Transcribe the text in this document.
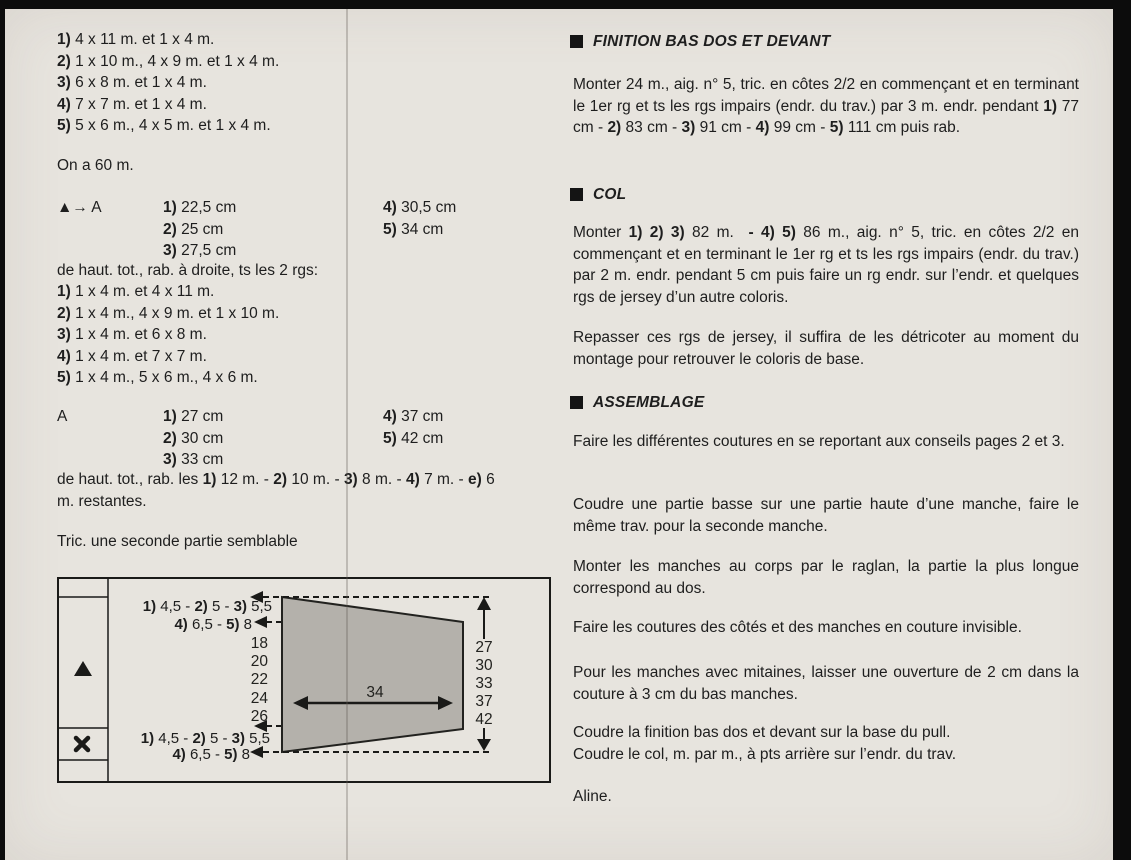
1) 4 x 11 m. et 1 x 4 m.
2) 1 x 10 m., 4 x 9 m. et 1 x 4 m.
3) 6 x 8 m. et 1 x 4 m.
4) 7 x 7 m. et 1 x 4 m.
5) 5 x 6 m., 4 x 5 m. et 1 x 4 m.
On a 60 m.
▲→ A	1) 22,5 cm
2) 25 cm
3) 27,5 cm
4) 30,5 cm
5) 34 cm
de haut. tot., rab. à droite, ts les 2 rgs:
1) 1 x 4 m. et 4 x 11 m.
2) 1 x 4 m., 4 x 9 m. et 1 x 10 m.
3) 1 x 4 m. et 6 x 8 m.
4) 1 x 4 m. et 7 x 7 m.
5) 1 x 4 m., 5 x 6 m., 4 x 6 m.
A	1) 27 cm
2) 30 cm
3) 33 cm
4) 37 cm
5) 42 cm
de haut. tot., rab. les 1) 12 m. - 2) 10 m. - 3) 8 m. - 4) 7 m. - e) 6
m. restantes.
Tric. une seconde partie semblable
27
30
33
37
42
18
20
22
24
26
34
1) 4,5 - 2) 5 - 3) 5,5
4) 6,5 - 5) 8
1) 4,5 - 2) 5 - 3) 5,5
4) 6,5 - 5) 8
FINITION BAS DOS ET DEVANT
Monter 24 m., aig. n° 5, tric. en côtes 2/2 en commençant et en terminant le 1er rg et ts les rgs impairs (endr. du trav.) par 3 m. endr. pendant 1) 77 cm - 2) 83 cm - 3) 91 cm - 4) 99 cm - 5) 111 cm puis rab.
COL
Monter 1) 2) 3) 82 m.  - 4) 5) 86 m., aig. n° 5, tric. en côtes 2/2 en commençant et en terminant le 1er rg et ts les rgs impairs (endr. du trav.) par 2 m. endr. pendant 5 cm puis faire un rg endr. sur l’endr. et quelques rgs de jersey d’un autre coloris.
Repasser ces rgs de jersey, il suffira de les détricoter au moment du montage pour retrouver le coloris de base.
ASSEMBLAGE
Faire les différentes coutures en se reportant aux conseils pages 2 et 3.
Coudre une partie basse sur une partie haute d’une manche, faire le même trav. pour la seconde manche.
Monter les manches au corps par le raglan, la partie la plus longue correspond au dos.
Faire les coutures des côtés et des manches en couture invisible.
Pour les manches avec mitaines, laisser une ouverture de 2 cm dans la couture à 3 cm du bas manches.
Coudre la finition bas dos et devant sur la base du pull.
Coudre le col, m. par m., à pts arrière sur l’endr. du trav.
Aline.
